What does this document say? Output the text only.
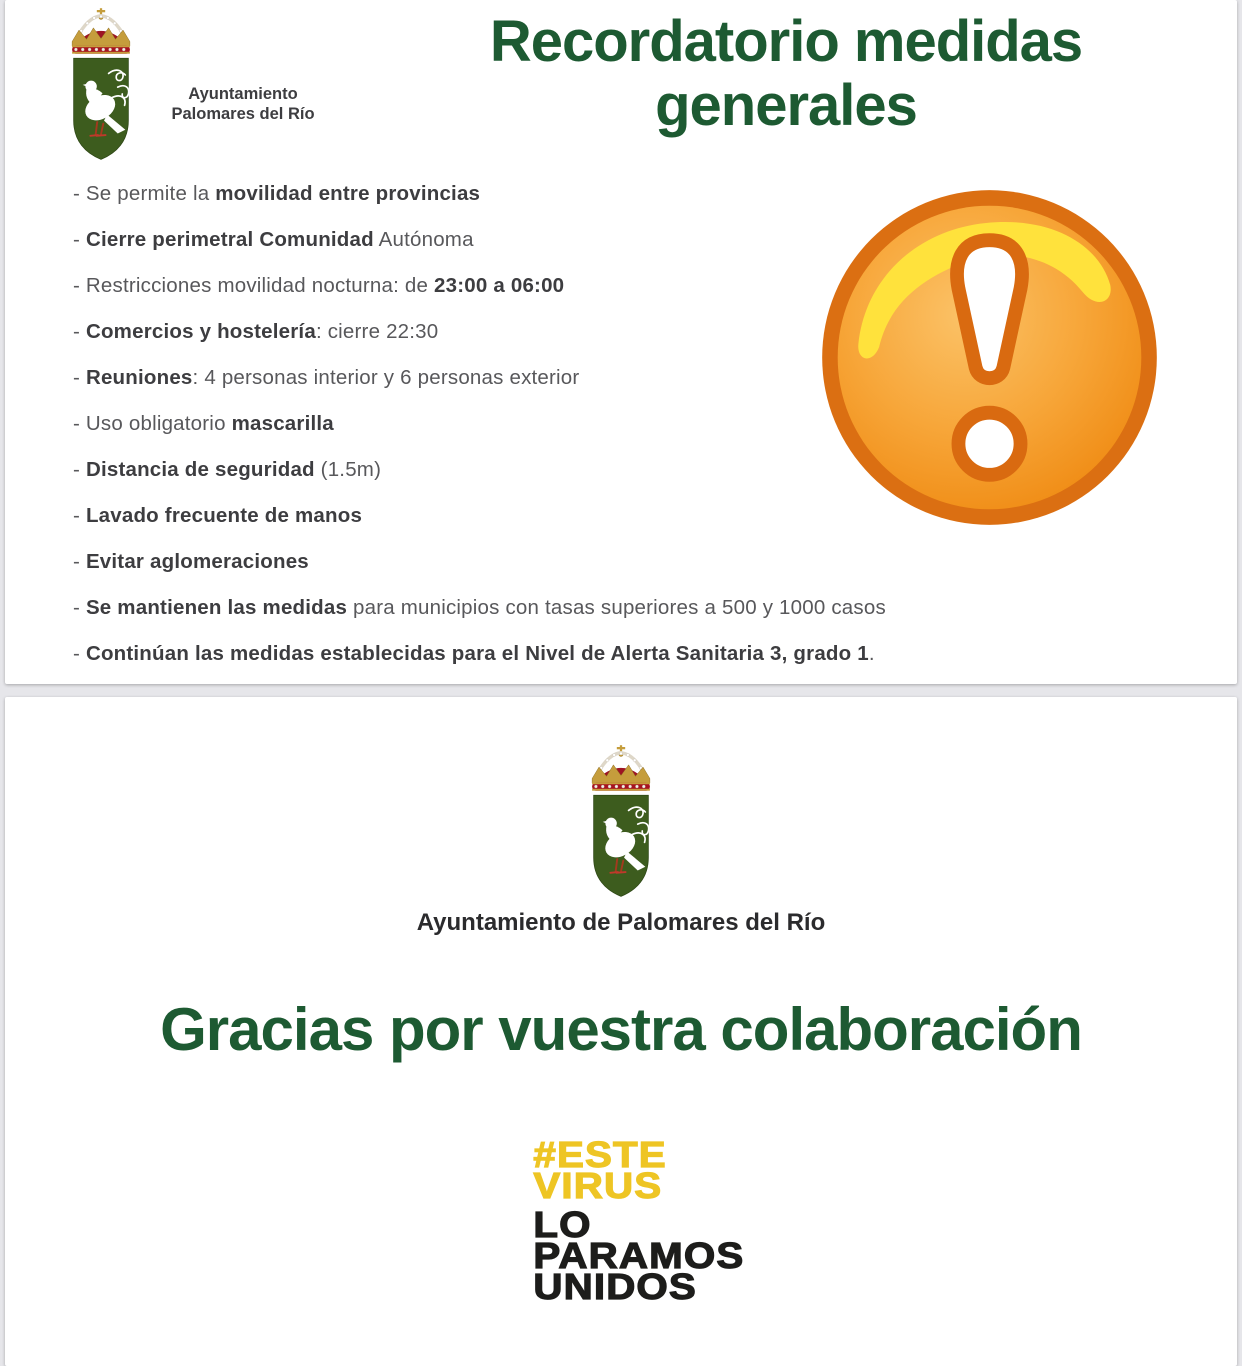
Ayuntamiento
Palomares del Río
Recordatorio medidas
generales
- Se permite la movilidad entre provincias
- Cierre perimetral Comunidad Autónoma
- Restricciones movilidad nocturna: de 23:00 a 06:00
- Comercios y hostelería: cierre 22:30
- Reuniones: 4 personas interior y 6 personas exterior
- Uso obligatorio mascarilla
- Distancia de seguridad (1.5m)
- Lavado frecuente de manos
- Evitar aglomeraciones
- Se mantienen las medidas para municipios con tasas superiores a 500 y 1000 casos
- Continúan las medidas establecidas para el Nivel de Alerta Sanitaria 3, grado 1.
Ayuntamiento de Palomares del Río
Gracias por vuestra colaboración
#ESTE
VIRUS
LO
PARAMOS
UNIDOS
